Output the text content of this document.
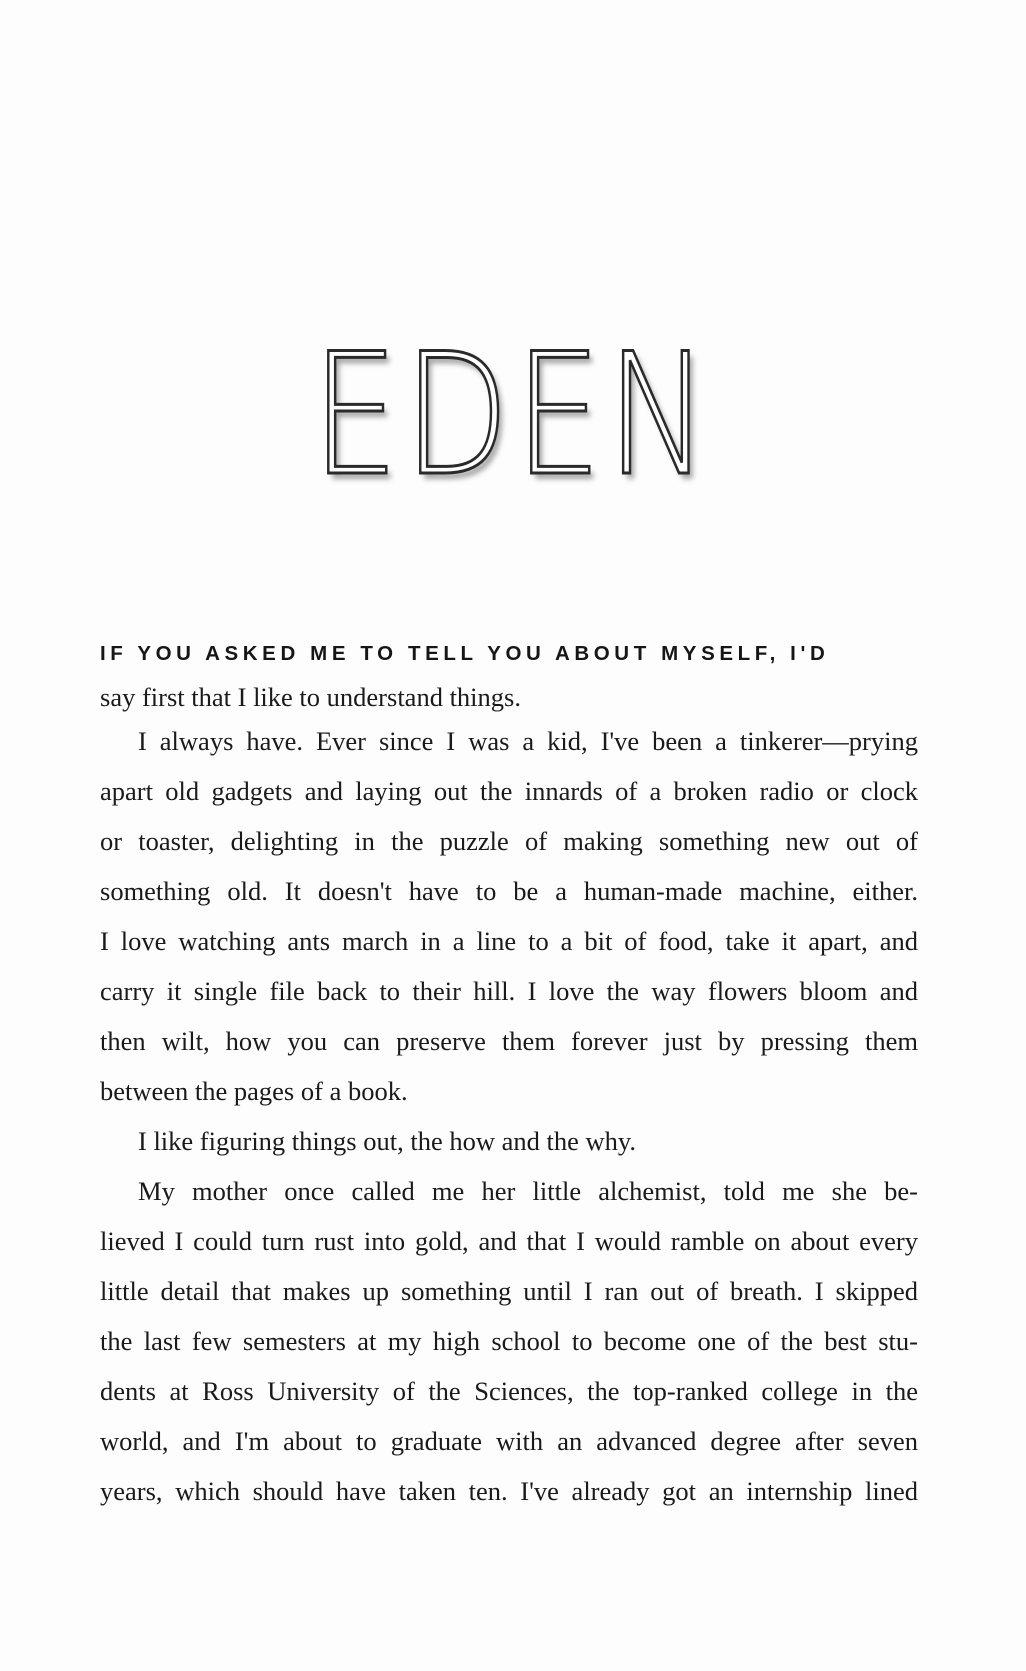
EDEN

IF YOU ASKED ME TO TELL YOU ABOUT MYSELF, I'D

say first that I like to understand things.

I always have. Ever since I was a kid, I've been a tinkerer—prying

apart old gadgets and laying out the innards of a broken radio or clock

or toaster, delighting in the puzzle of making something new out of

something old. It doesn't have to be a human-made machine, either.

I love watching ants march in a line to a bit of food, take it apart, and

carry it single file back to their hill. I love the way flowers bloom and

then wilt, how you can preserve them forever just by pressing them

between the pages of a book.

I like figuring things out, the how and the why.

My mother once called me her little alchemist, told me she be-

lieved I could turn rust into gold, and that I would ramble on about every

little detail that makes up something until I ran out of breath. I skipped

the last few semesters at my high school to become one of the best stu-

dents at Ross University of the Sciences, the top-ranked college in the

world, and I'm about to graduate with an advanced degree after seven

years, which should have taken ten. I've already got an internship lined
